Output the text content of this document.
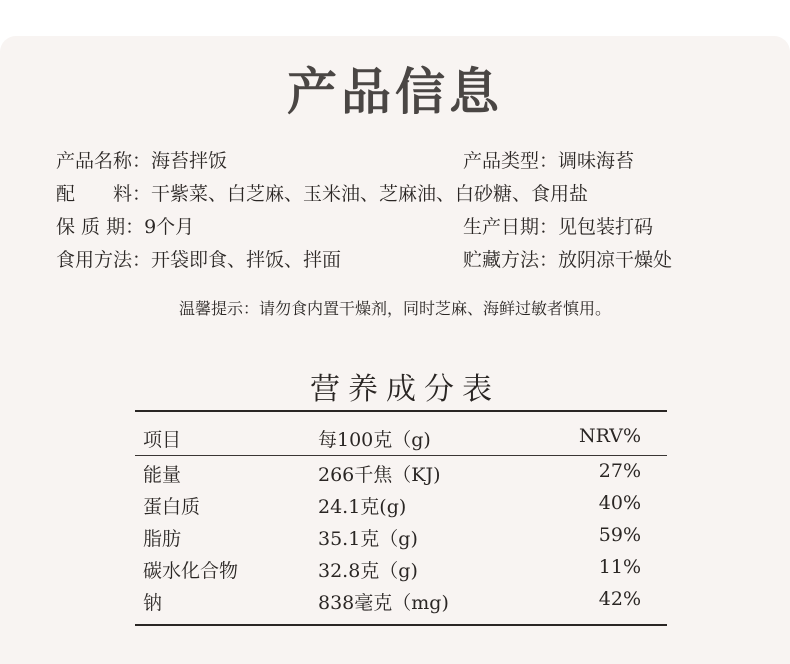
产品信息
产品名称：海苔拌饭
配　　料：干紫菜、白芝麻、玉米油、芝麻油、白砂糖、食用盐
保 质 期：9个月
食用方法：开袋即食、拌饭、拌面
产品类型：调味海苔
生产日期：见包装打码
贮藏方法：放阴凉干燥处
温馨提示：请勿食内置干燥剂，同时芝麻、海鲜过敏者慎用。
营养成分表
项目	每100克（g)	NRV%
能量	266千焦（KJ)	27%
蛋白质	24.1克(g)	40%
脂肪	35.1克（g)	59%
碳水化合物	32.8克（g)	11%
钠	838毫克（mg)	42%
